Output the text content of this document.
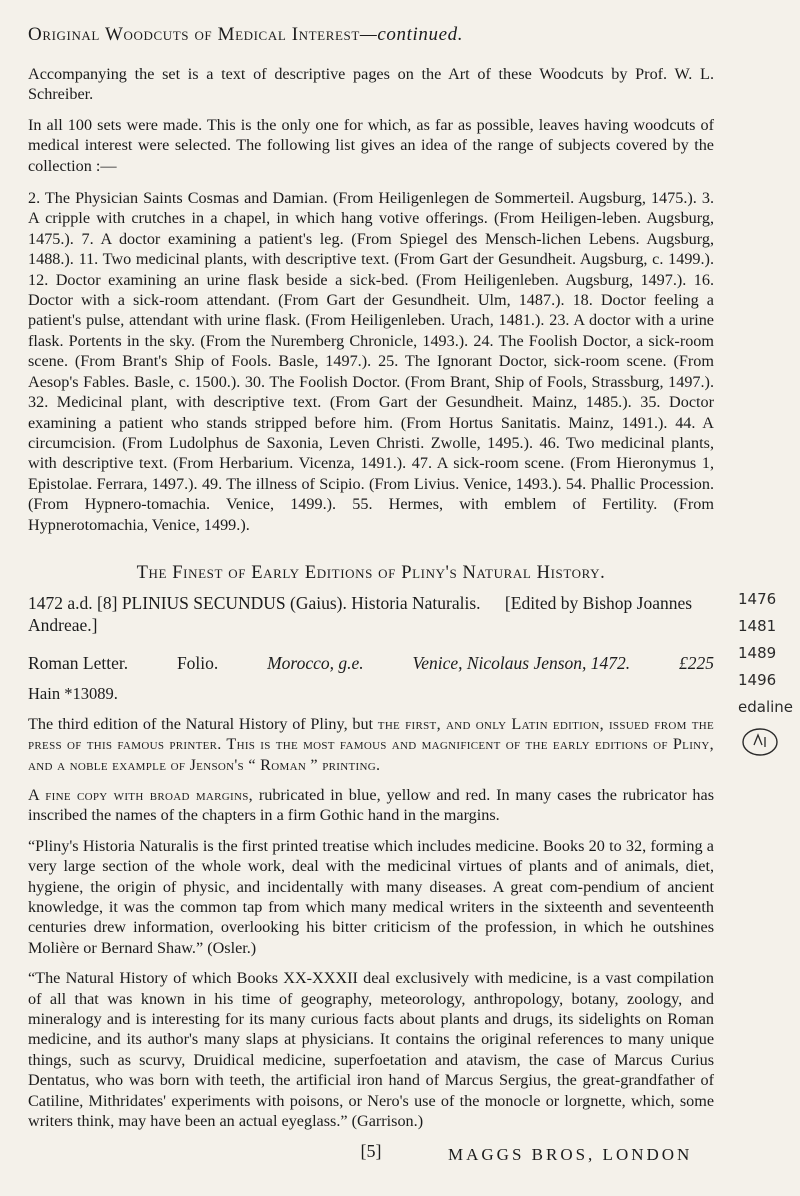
Original Woodcuts of Medical Interest—continued.

Accompanying the set is a text of descriptive pages on the Art of these Woodcuts by Prof. W. L. Schreiber.

In all 100 sets were made. This is the only one for which, as far as possible, leaves having woodcuts of medical interest were selected. The following list gives an idea of the range of subjects covered by the collection :—

2. The Physician Saints Cosmas and Damian. (From Heiligenlegen de Sommerteil. Augsburg, 1475.). 3. A cripple with crutches in a chapel, in which hang votive offerings. (From Heiligen-leben. Augsburg, 1475.). 7. A doctor examining a patient's leg. (From Spiegel des Mensch-lichen Lebens. Augsburg, 1488.). 11. Two medicinal plants, with descriptive text. (From Gart der Gesundheit. Augsburg, c. 1499.). 12. Doctor examining an urine flask beside a sick-bed. (From Heiligenleben. Augsburg, 1497.). 16. Doctor with a sick-room attendant. (From Gart der Gesundheit. Ulm, 1487.). 18. Doctor feeling a patient's pulse, attendant with urine flask. (From Heiligenleben. Urach, 1481.). 23. A doctor with a urine flask. Portents in the sky. (From the Nuremberg Chronicle, 1493.). 24. The Foolish Doctor, a sick-room scene. (From Brant's Ship of Fools. Basle, 1497.). 25. The Ignorant Doctor, sick-room scene. (From Aesop's Fables. Basle, c. 1500.). 30. The Foolish Doctor. (From Brant, Ship of Fools, Strassburg, 1497.). 32. Medicinal plant, with descriptive text. (From Gart der Gesundheit. Mainz, 1485.). 35. Doctor examining a patient who stands stripped before him. (From Hortus Sanitatis. Mainz, 1491.). 44. A circumcision. (From Ludolphus de Saxonia, Leven Christi. Zwolle, 1495.). 46. Two medicinal plants, with descriptive text. (From Herbarium. Vicenza, 1491.). 47. A sick-room scene. (From Hieronymus 1, Epistolae. Ferrara, 1497.). 49. The illness of Scipio. (From Livius. Venice, 1493.). 54. Phallic Procession. (From Hypnero-tomachia. Venice, 1499.). 55. Hermes, with emblem of Fertility. (From Hypnerotomachia, Venice, 1499.).

The Finest of Early Editions of Pliny's Natural History.
1472 a.d. [8] PLINIUS SECUNDUS (Gaius). Historia Naturalis. [Edited by Bishop Joannes Andreae.]
Roman Letter.	Folio.	Morocco, g.e.	Venice, Nicolaus Jenson, 1472.	£225
Hain *13089.

The third edition of the Natural History of Pliny, but the first, and only Latin edition, issued from the press of this famous printer. This is the most famous and magnificent of the early editions of Pliny, and a noble example of Jenson's “ Roman ” printing.

A fine copy with broad margins, rubricated in blue, yellow and red. In many cases the rubricator has inscribed the names of the chapters in a firm Gothic hand in the margins.

“Pliny's Historia Naturalis is the first printed treatise which includes medicine. Books 20 to 32, forming a very large section of the whole work, deal with the medicinal virtues of plants and of animals, diet, hygiene, the origin of physic, and incidentally with many diseases. A great com-pendium of ancient knowledge, it was the common tap from which many medical writers in the sixteenth and seventeenth centuries drew information, overlooking his bitter criticism of the profession, in which he outshines Molière or Bernard Shaw.” (Osler.)

“The Natural History of which Books XX-XXXII deal exclusively with medicine, is a vast compilation of all that was known in his time of geography, meteorology, anthropology, botany, zoology, and mineralogy and is interesting for its many curious facts about plants and drugs, its sidelights on Roman medicine, and its author's many slaps at physicians. It contains the original references to many unique things, such as scurvy, Druidical medicine, superfoetation and atavism, the case of Marcus Curius Dentatus, who was born with teeth, the artificial iron hand of Marcus Sergius, the great-grandfather of Catiline, Mithridates' experiments with poisons, or Nero's use of the monocle or lorgnette, which, some writers think, may have been an actual eyeglass.” (Garrison.)

[5]	MAGGS BROS, LONDON
1476
1481
1489
1496
edaline
